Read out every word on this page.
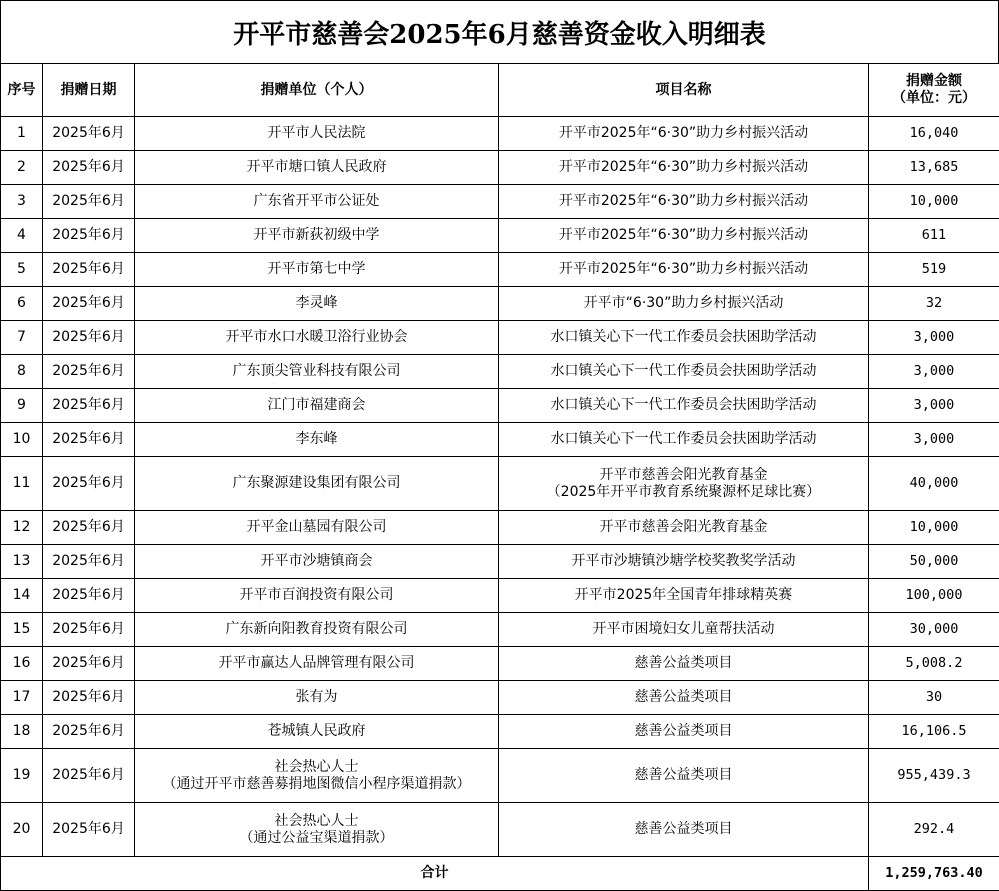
开平市慈善会2025年6月慈善资金收入明细表
序号	捐赠日期	捐赠单位（个人）	项目名称	捐赠金额
（单位：元）

1	2025年6月	开平市人民法院	开平市2025年“6·30”助力乡村振兴活动	16,040

2	2025年6月	开平市塘口镇人民政府	开平市2025年“6·30”助力乡村振兴活动	13,685

3	2025年6月	广东省开平市公证处	开平市2025年“6·30”助力乡村振兴活动	10,000

4	2025年6月	开平市新荻初级中学	开平市2025年“6·30”助力乡村振兴活动	611

5	2025年6月	开平市第七中学	开平市2025年“6·30”助力乡村振兴活动	519

6	2025年6月	李灵峰	开平市“6·30”助力乡村振兴活动	32

7	2025年6月	开平市水口水暖卫浴行业协会	水口镇关心下一代工作委员会扶困助学活动	3,000

8	2025年6月	广东顶尖管业科技有限公司	水口镇关心下一代工作委员会扶困助学活动	3,000

9	2025年6月	江门市福建商会	水口镇关心下一代工作委员会扶困助学活动	3,000

10	2025年6月	李东峰	水口镇关心下一代工作委员会扶困助学活动	3,000

11	2025年6月	广东聚源建设集团有限公司	开平市慈善会阳光教育基金
（2025年开平市教育系统聚源杯足球比赛）	40,000

12	2025年6月	开平金山墓园有限公司	开平市慈善会阳光教育基金	10,000

13	2025年6月	开平市沙塘镇商会	开平市沙塘镇沙塘学校奖教奖学活动	50,000

14	2025年6月	开平市百润投资有限公司	开平市2025年全国青年排球精英赛	100,000

15	2025年6月	广东新向阳教育投资有限公司	开平市困境妇女儿童帮扶活动	30,000

16	2025年6月	开平市赢达人品牌管理有限公司	慈善公益类项目	5,008.2

17	2025年6月	张有为	慈善公益类项目	30

18	2025年6月	苍城镇人民政府	慈善公益类项目	16,106.5

19	2025年6月	社会热心人士
（通过开平市慈善募捐地图微信小程序渠道捐款）	慈善公益类项目	955,439.3

20	2025年6月	社会热心人士
（通过公益宝渠道捐款）	慈善公益类项目	292.4

合计				1,259,763.40
